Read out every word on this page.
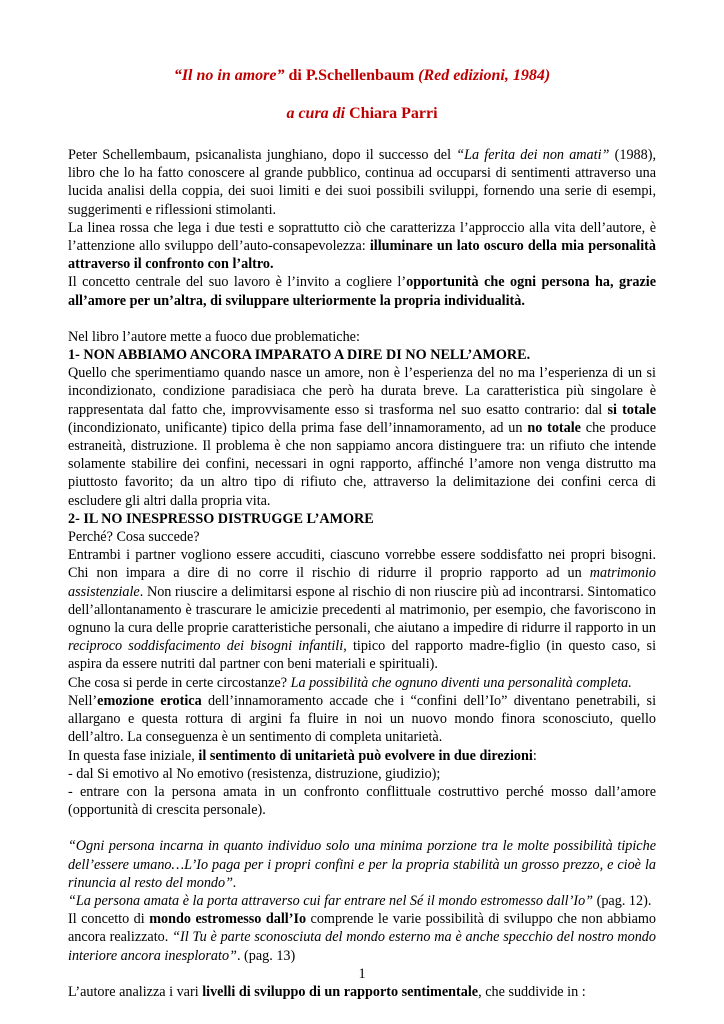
“Il no in amore” di P.Schellenbaum (Red edizioni, 1984)
a cura di Chiara Parri

Peter Schellembaum, psicanalista junghiano, dopo il successo del “La ferita dei non amati” (1988), libro che lo ha fatto conoscere al grande pubblico, continua ad occuparsi di sentimenti attraverso una lucida analisi della coppia, dei suoi limiti e dei suoi possibili sviluppi, fornendo una serie di esempi, suggerimenti e riflessioni stimolanti.

La linea rossa che lega i due testi e soprattutto ciò che caratterizza l’approccio alla vita dell’autore, è l’attenzione allo sviluppo dell’auto-consapevolezza: illuminare un lato oscuro della mia personalità attraverso il confronto con l’altro.

Il concetto centrale del suo lavoro è l’invito a cogliere l’opportunità che ogni persona ha, grazie all’amore per un’altra, di sviluppare ulteriormente la propria individualità.

Nel libro l’autore mette a fuoco due problematiche:

1- NON ABBIAMO ANCORA IMPARATO A DIRE DI NO NELL’AMORE.

Quello che sperimentiamo quando nasce un amore, non è l’esperienza del no ma l’esperienza di un si incondizionato, condizione paradisiaca che però ha durata breve. La caratteristica più singolare è rappresentata dal fatto che, improvvisamente esso si trasforma nel suo esatto contrario: dal si totale (incondizionato, unificante) tipico della prima fase dell’innamoramento, ad un no totale che produce estraneità, distruzione. Il problema è che non sappiamo ancora distinguere tra: un rifiuto che intende solamente stabilire dei confini, necessari in ogni rapporto, affinché l’amore non venga distrutto ma piuttosto favorito; da un altro tipo di rifiuto che, attraverso la delimitazione dei confini cerca di escludere gli altri dalla propria vita.

2- IL NO INESPRESSO DISTRUGGE L’AMORE

Perché? Cosa succede?

Entrambi i partner vogliono essere accuditi, ciascuno vorrebbe essere soddisfatto nei propri bisogni. Chi non impara a dire di no corre il rischio di ridurre il proprio rapporto ad un matrimonio assistenziale. Non riuscire a delimitarsi espone al rischio di non riuscire più ad incontrarsi. Sintomatico dell’allontanamento è trascurare le amicizie precedenti al matrimonio, per esempio, che favoriscono in ognuno la cura delle proprie caratteristiche personali, che aiutano a impedire di ridurre il rapporto in un reciproco soddisfacimento dei bisogni infantili, tipico del rapporto madre-figlio (in questo caso, si aspira da essere nutriti dal partner con beni materiali e spirituali).

Che cosa si perde in certe circostanze? La possibilità che ognuno diventi una personalità completa.

Nell’emozione erotica dell’innamoramento accade che i “confini dell’Io” diventano penetrabili, si allargano e questa rottura di argini fa fluire in noi un nuovo mondo finora sconosciuto, quello dell’altro. La conseguenza è un sentimento di completa unitarietà.

In questa fase iniziale, il sentimento di unitarietà può evolvere in due direzioni:

- dal Si emotivo al No emotivo (resistenza, distruzione, giudizio);

- entrare con la persona amata in un confronto conflittuale costruttivo perché mosso dall’amore (opportunità di crescita personale).

“Ogni persona incarna in quanto individuo solo una minima porzione tra le molte possibilità tipiche dell’essere umano…L’Io paga per i propri confini e per la propria stabilità un grosso prezzo, e cioè la rinuncia al resto del mondo”.

“La persona amata è la porta attraverso cui far entrare nel Sé il mondo estromesso dall’Io” (pag. 12).

Il concetto di mondo estromesso dall’Io comprende le varie possibilità di sviluppo che non abbiamo ancora realizzato. “Il Tu è parte sconosciuta del mondo esterno ma è anche specchio del nostro mondo interiore ancora inesplorato”. (pag. 13)

L’autore analizza i vari livelli di sviluppo di un rapporto sentimentale, che suddivide in :

1
